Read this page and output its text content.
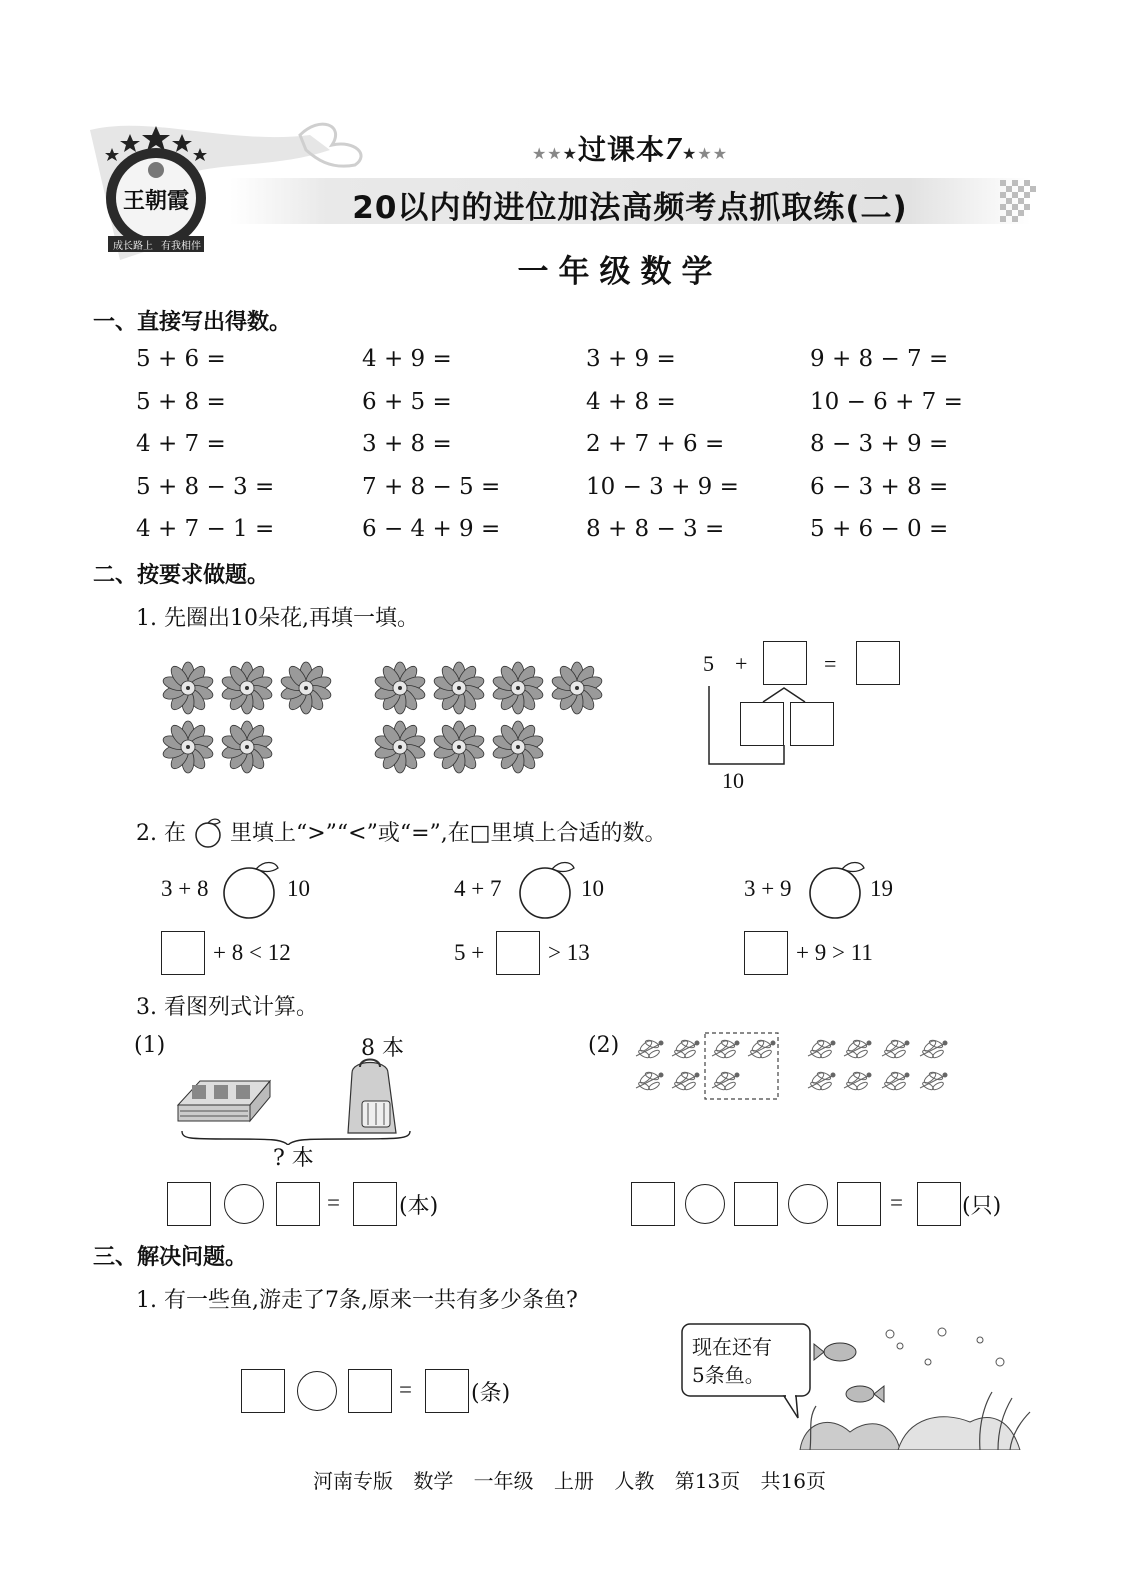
王朝霞
成长路上 有我相伴
★★★过课本7★★★
20以内的进位加法高频考点抓取练(二)
一年级数学
一、直接写出得数。
5 + 6 =	4 + 9 =	3 + 9 =	9 + 8 − 7 =
5 + 8 =	6 + 5 =	4 + 8 =	10 − 6 + 7 =
4 + 7 =	3 + 8 =	2 + 7 + 6 =	8 − 3 + 9 =
5 + 8 − 3 =	7 + 8 − 5 =	10 − 3 + 9 =	6 − 3 + 8 =
4 + 7 − 1 =	6 − 4 + 9 =	8 + 8 − 3 =	5 + 6 − 0 =
二、按要求做题。
1. 先圈出10朵花,再填一填。
5 +	=
10
2. 在 里填上“>”“<”或“=”,在□里填上合适的数。
3 + 8	10	4 + 7	10	3 + 9	19
+ 8 < 12	5 +	> 13	+ 9 > 11
3. 看图列式计算。
(1)	8 本
? 本
=	(本)
(2)
=	(只)
三、解决问题。
1. 有一些鱼,游走了7条,原来一共有多少条鱼?
=	(条)
现在还有
5条鱼。
河南专版 数学 一年级 上册 人教 第13页 共16页
